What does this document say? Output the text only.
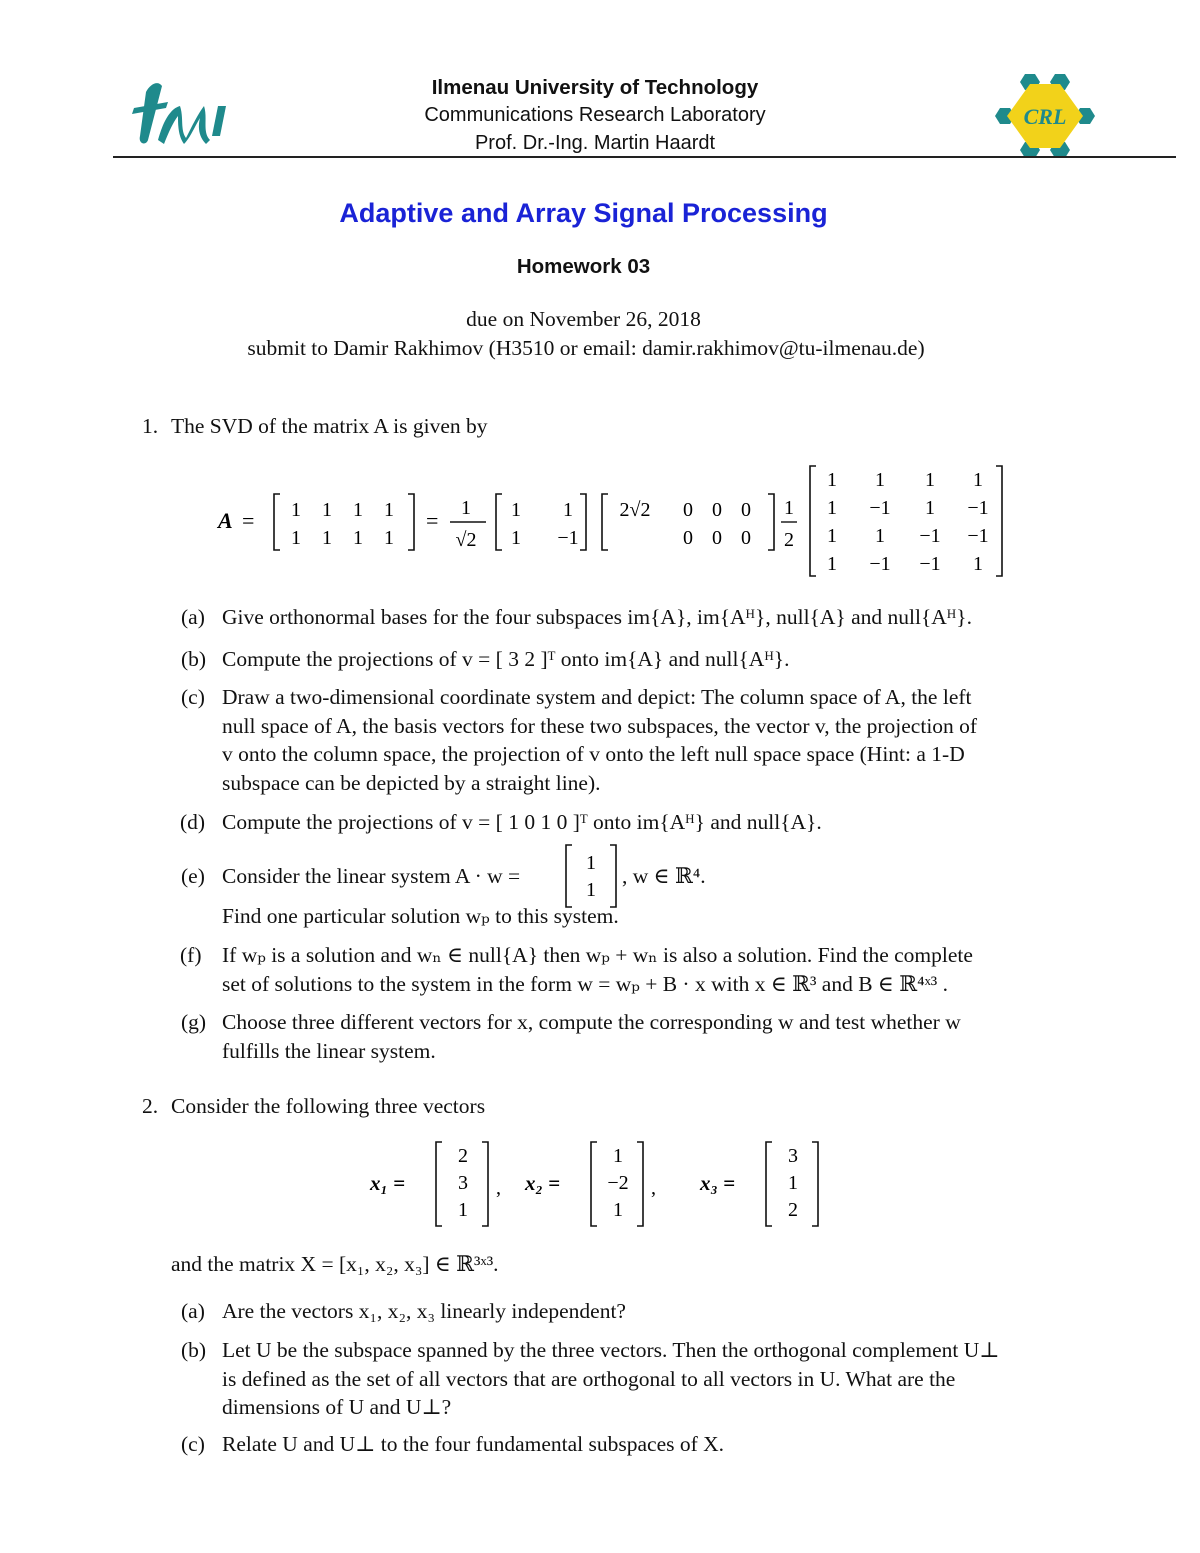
Ilmenau University of Technology
Communications Research Laboratory
Prof. Dr.-Ing. Martin Haardt
CRL
Adaptive and Array Signal Processing
Homework 03
due on November 26, 2018
submit to Damir Rakhimov (H3510 or email: damir.rakhimov@tu-ilmenau.de)
1. The SVD of the matrix A is given by
A = 1 1 1 1
1 1 1 1
= 1
√2
1 1
1 −1
2√2 0 0 0
0 0 0
1
2
1 1 1 1
1 −1 1 −1
1 1 −1 −1
1 −1 −1 1
(a) Give orthonormal bases for the four subspaces im{A}, im{Aᴴ}, null{A} and null{Aᴴ}.
(b) Compute the projections of v = [ 3 2 ]ᵀ onto im{A} and null{Aᴴ}.
(c) Draw a two-dimensional coordinate system and depict: The column space of A, the left
null space of A, the basis vectors for these two subspaces, the vector v, the projection of
v onto the column space, the projection of v onto the left null space space (Hint: a 1-D
subspace can be depicted by a straight line).
(d) Compute the projections of v = [ 1 0 1 0 ]ᵀ onto im{Aᴴ} and null{A}.
(e) Consider the linear system A · w =
1
1
, w ∈ ℝ⁴.
Find one particular solution wₚ to this system.
(f) If wₚ is a solution and wₙ ∈ null{A} then wₚ + wₙ is also a solution. Find the complete
set of solutions to the system in the form w = wₚ + B · x with x ∈ ℝ³ and B ∈ ℝ⁴ˣ³ .
(g) Choose three different vectors for x, compute the corresponding w and test whether w
fulfills the linear system.
2. Consider the following three vectors
x₁ =
2
3
1
, x₂ =
1
−2
1
, x₃ =
3
1
2
and the matrix X = [x₁, x₂, x₃] ∈ ℝ³ˣ³.
(a) Are the vectors x₁, x₂, x₃ linearly independent?
(b) Let U be the subspace spanned by the three vectors. Then the orthogonal complement U⊥
is defined as the set of all vectors that are orthogonal to all vectors in U. What are the
dimensions of U and U⊥?
(c) Relate U and U⊥ to the four fundamental subspaces of X.
